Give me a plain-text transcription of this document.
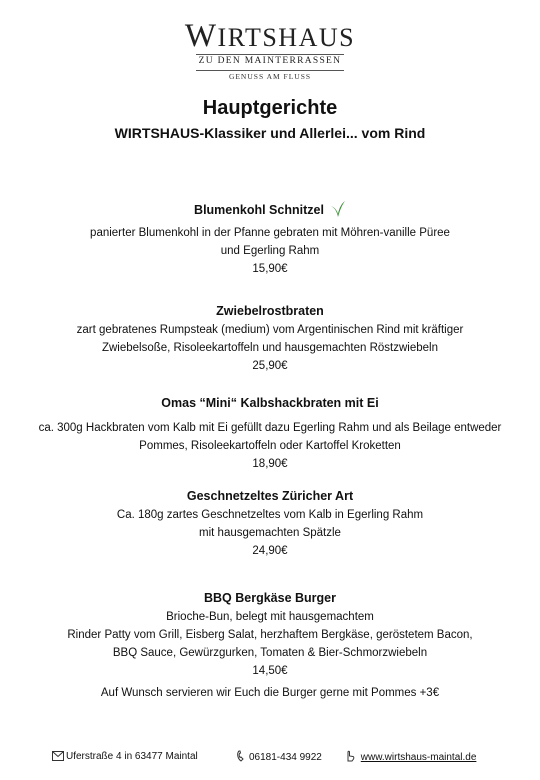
WIRTSHAUS
ZU DEN MAINTERRASSEN
GENUSS AM FLUSS
Hauptgerichte
WIRTSHAUS-Klassiker und Allerlei... vom Rind
Blumenkohl Schnitzel
panierter Blumenkohl in der Pfanne gebraten mit Möhren-vanille Püree
und Egerling Rahm
15,90€
Zwiebelrostbraten
zart gebratenes Rumpsteak (medium) vom Argentinischen Rind mit kräftiger
Zwiebelsoße, Risoleekartoffeln und hausgemachten Röstzwiebeln
25,90€
Omas “Mini“ Kalbshackbraten mit Ei
ca. 300g Hackbraten vom Kalb mit Ei gefüllt dazu Egerling Rahm und als Beilage entweder
Pommes, Risoleekartoffeln oder Kartoffel Kroketten
18,90€
Geschnetzeltes Züricher Art
Ca. 180g zartes Geschnetzeltes vom Kalb in Egerling Rahm
mit hausgemachten Spätzle
24,90€
BBQ Bergkäse Burger
Brioche-Bun, belegt mit hausgemachtem
Rinder Patty vom Grill, Eisberg Salat, herzhaftem Bergkäse, geröstetem Bacon,
BBQ Sauce, Gewürzgurken, Tomaten & Bier-Schmorzwiebeln
14,50€
Auf Wunsch servieren wir Euch die Burger gerne mit Pommes +3€
Uferstraße 4 in 63477 Maintal	06181-434 9922	www.wirtshaus-maintal.de
